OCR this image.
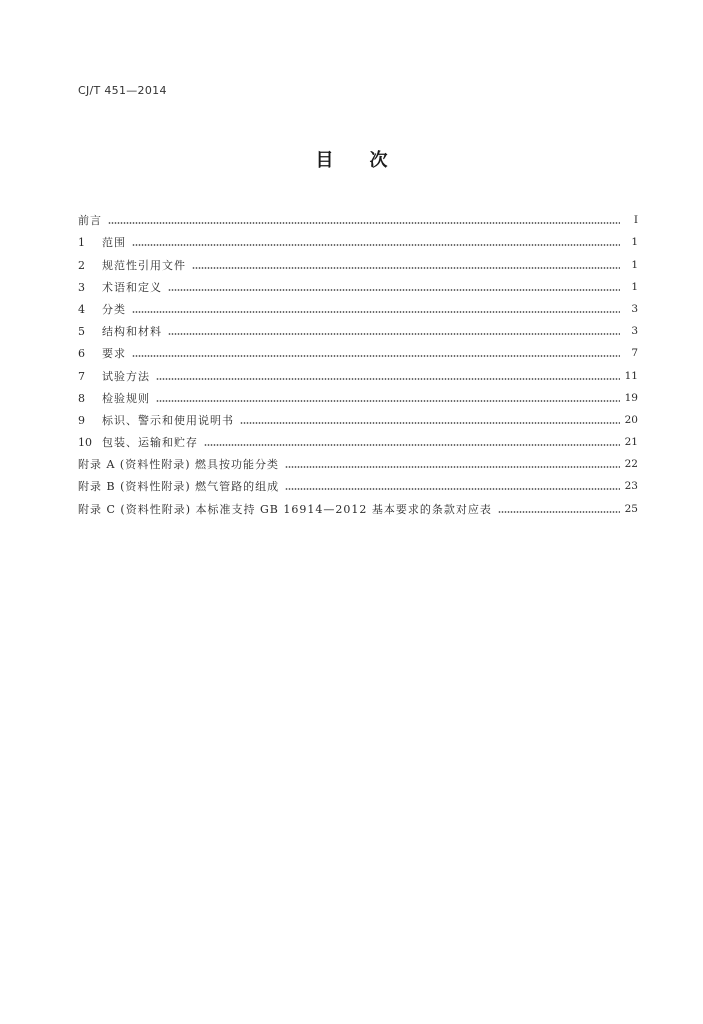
CJ/T 451—2014
目次
前言	Ⅰ
1	范围	1
2	规范性引用文件	1
3	术语和定义	1
4	分类	3
5	结构和材料	3
6	要求	7
7	试验方法	11
8	检验规则	19
9	标识、警示和使用说明书	20
10 包装、运输和贮存	21
附录 A (资料性附录) 燃具按功能分类	22
附录 B (资料性附录) 燃气管路的组成	23
附录 C (资料性附录) 本标准支持 GB 16914—2012 基本要求的条款对应表	25
